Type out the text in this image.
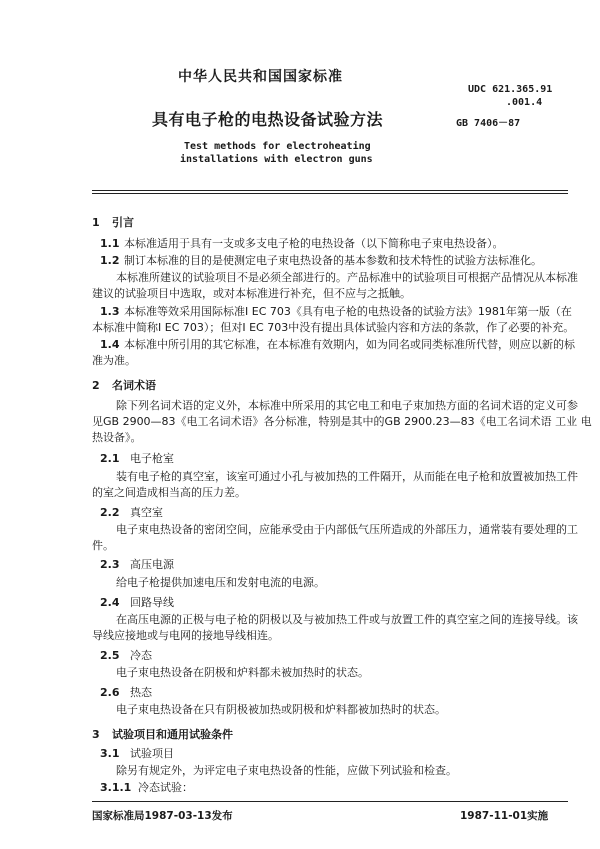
中华人民共和国国家标准
UDC 621.365.91
.001.4
具有电子枪的电热设备试验方法	GB 7406－87
Test methods for electroheating
installations with electron guns
1 引言
1.1 本标准适用于具有一支或多支电子枪的电热设备（以下简称电子束电热设备）。
1.2 制订本标准的目的是使测定电子束电热设备的基本参数和技术特性的试验方法标准化。
本标准所建议的试验项目不是必须全部进行的。产品标准中的试验项目可根据产品情况从本标准
建议的试验项目中选取，或对本标准进行补充，但不应与之抵触。
1.3 本标准等效采用国际标准I EC 703《具有电子枪的电热设备的试验方法》1981年第一版（在
本标准中简称I EC 703）；但对I EC 703中没有提出具体试验内容和方法的条款，作了必要的补充。
1.4 本标准中所引用的其它标准，在本标准有效期内，如为同名或同类标准所代替，则应以新的标
准为准。
2 名词术语
除下列名词术语的定义外，本标准中所采用的其它电工和电子束加热方面的名词术语的定义可参
见GB 2900—83《电工名词术语》各分标准，特别是其中的GB 2900.23—83《电工名词术语 工业 电
热设备》。
2.1 电子枪室
装有电子枪的真空室，该室可通过小孔与被加热的工件隔开，从而能在电子枪和放置被加热工件
的室之间造成相当高的压力差。
2.2 真空室
电子束电热设备的密闭空间，应能承受由于内部低气压所造成的外部压力，通常装有要处理的工
件。
2.3 高压电源
给电子枪提供加速电压和发射电流的电源。
2.4 回路导线
在高压电源的正极与电子枪的阴极以及与被加热工件或与放置工件的真空室之间的连接导线。该
导线应接地或与电网的接地导线相连。
2.5 冷态
电子束电热设备在阴极和炉料都未被加热时的状态。
2.6 热态
电子束电热设备在只有阴极被加热或阴极和炉料都被加热时的状态。
3 试验项目和通用试验条件
3.1 试验项目
除另有规定外，为评定电子束电热设备的性能，应做下列试验和检查。
3.1.1 冷态试验：
国家标准局1987-03-13发布	1987-11-01实施
